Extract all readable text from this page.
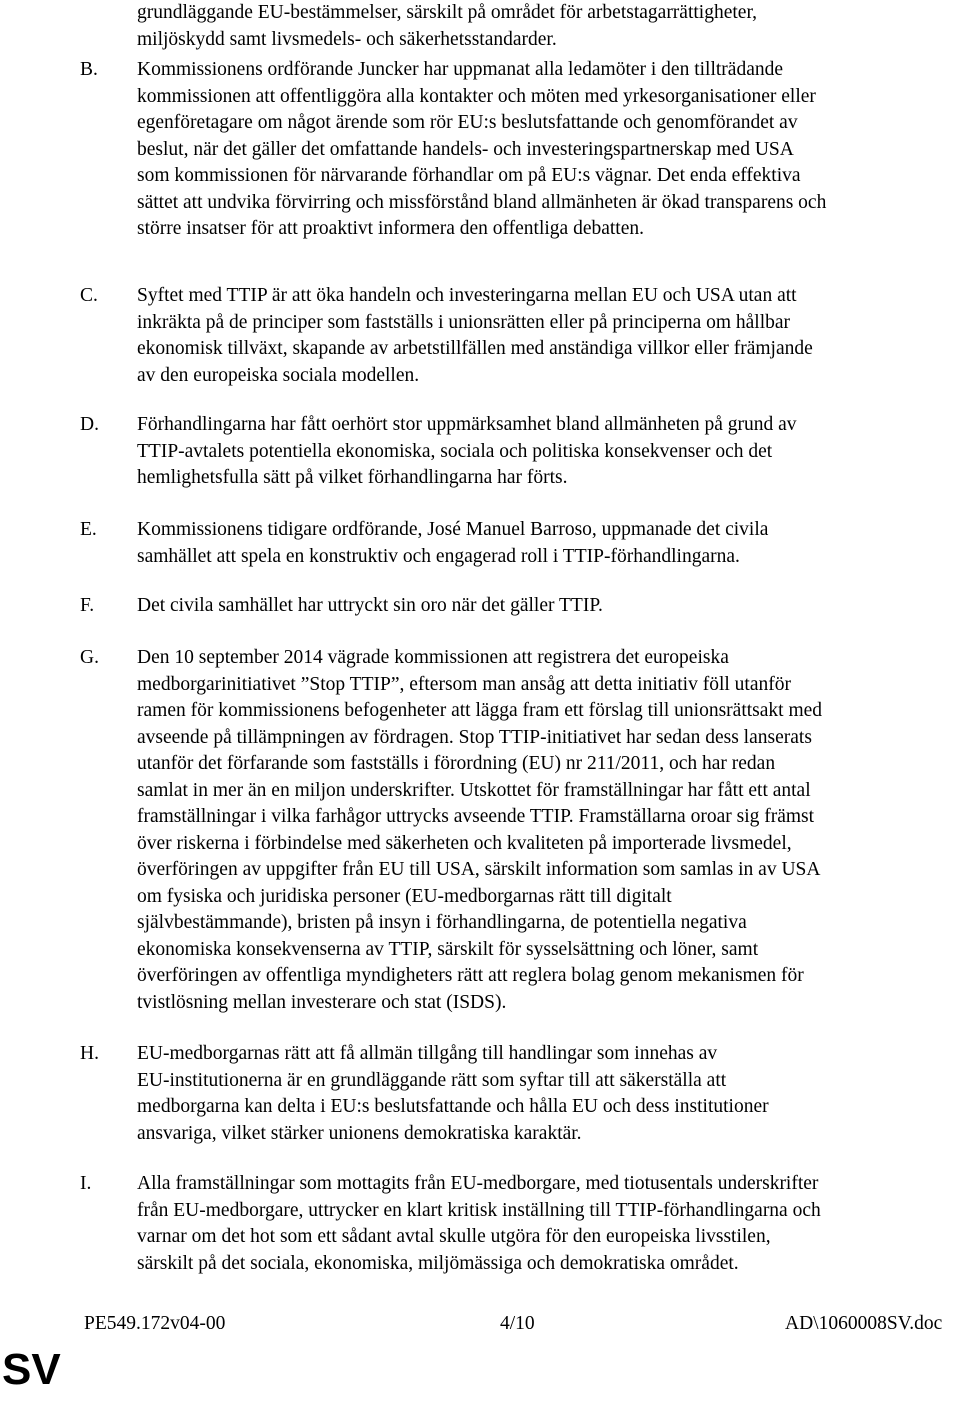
grundläggande EU-bestämmelser, särskilt på området för arbetstagarrättigheter,
miljöskydd samt livsmedels- och säkerhetsstandarder.
B.	Kommissionens ordförande Juncker har uppmanat alla ledamöter i den tillträdande
kommissionen att offentliggöra alla kontakter och möten med yrkesorganisationer eller
egenföretagare om något ärende som rör EU:s beslutsfattande och genomförandet av
beslut, när det gäller det omfattande handels- och investeringspartnerskap med USA
som kommissionen för närvarande förhandlar om på EU:s vägnar. Det enda effektiva
sättet att undvika förvirring och missförstånd bland allmänheten är ökad transparens och
större insatser för att proaktivt informera den offentliga debatten.
C.	Syftet med TTIP är att öka handeln och investeringarna mellan EU och USA utan att
inkräkta på de principer som fastställs i unionsrätten eller på principerna om hållbar
ekonomisk tillväxt, skapande av arbetstillfällen med anständiga villkor eller främjande
av den europeiska sociala modellen.
D.	Förhandlingarna har fått oerhört stor uppmärksamhet bland allmänheten på grund av
TTIP-avtalets potentiella ekonomiska, sociala och politiska konsekvenser och det
hemlighetsfulla sätt på vilket förhandlingarna har förts.
E.	Kommissionens tidigare ordförande, José Manuel Barroso, uppmanade det civila
samhället att spela en konstruktiv och engagerad roll i TTIP-förhandlingarna.
F.	Det civila samhället har uttryckt sin oro när det gäller TTIP.
G.	Den 10 september 2014 vägrade kommissionen att registrera det europeiska
medborgarinitiativet ”Stop TTIP”, eftersom man ansåg att detta initiativ föll utanför
ramen för kommissionens befogenheter att lägga fram ett förslag till unionsrättsakt med
avseende på tillämpningen av fördragen. Stop TTIP-initiativet har sedan dess lanserats
utanför det förfarande som fastställs i förordning (EU) nr 211/2011, och har redan
samlat in mer än en miljon underskrifter. Utskottet för framställningar har fått ett antal
framställningar i vilka farhågor uttrycks avseende TTIP. Framställarna oroar sig främst
över riskerna i förbindelse med säkerheten och kvaliteten på importerade livsmedel,
överföringen av uppgifter från EU till USA, särskilt information som samlas in av USA
om fysiska och juridiska personer (EU-medborgarnas rätt till digitalt
självbestämmande), bristen på insyn i förhandlingarna, de potentiella negativa
ekonomiska konsekvenserna av TTIP, särskilt för sysselsättning och löner, samt
överföringen av offentliga myndigheters rätt att reglera bolag genom mekanismen för
tvistlösning mellan investerare och stat (ISDS).
H.	EU-medborgarnas rätt att få allmän tillgång till handlingar som innehas av
EU-institutionerna är en grundläggande rätt som syftar till att säkerställa att
medborgarna kan delta i EU:s beslutsfattande och hålla EU och dess institutioner
ansvariga, vilket stärker unionens demokratiska karaktär.
I.	Alla framställningar som mottagits från EU-medborgare, med tiotusentals underskrifter
från EU-medborgare, uttrycker en klart kritisk inställning till TTIP-förhandlingarna och
varnar om det hot som ett sådant avtal skulle utgöra för den europeiska livsstilen,
särskilt på det sociala, ekonomiska, miljömässiga och demokratiska området.
PE549.172v04-00	4/10	AD\1060008SV.doc
SV
